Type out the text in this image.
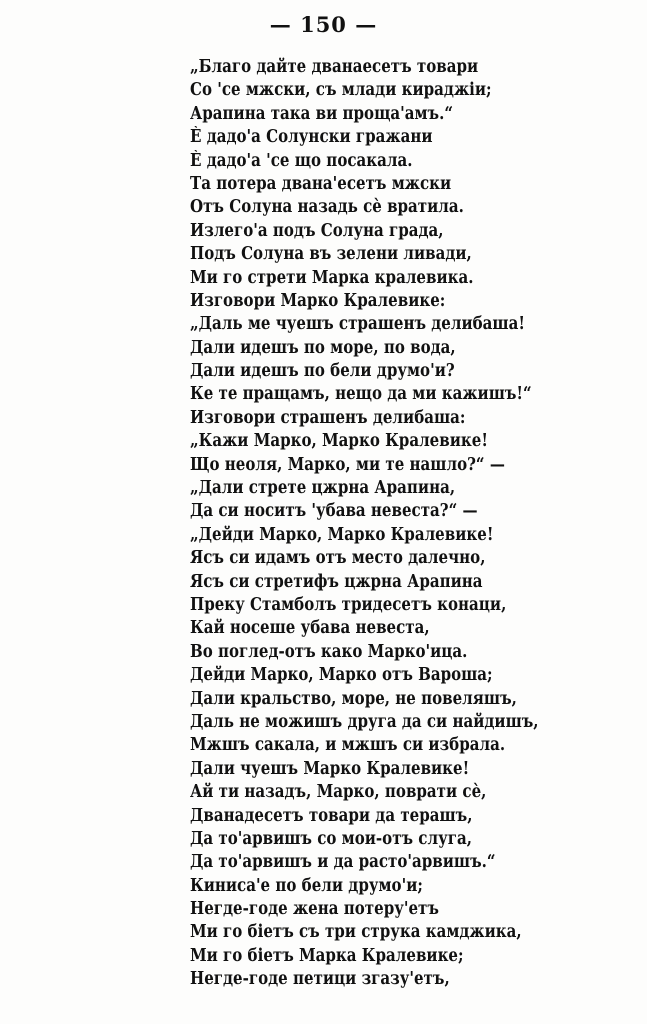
— 150 —
„Благо дайте дванаесетъ товари
Со 'се мжски, съ млади кираджіи;
Арапина така ви проща'амъ.“
Ѐ дадо'а Солунски гражани
Ѐ дадо'а 'се що посакала.
Та потера двана'есетъ мжски
Отъ Солуна назадь сѐ вратила.
Излего'а подъ Солуна града,
Подъ Солуна въ зелени ливади,
Ми го стрети Марка кралевика.
Изговори Марко Кралевике:
„Даль ме чуешъ страшенъ делибаша!
Дали идешъ по море, по вода,
Дали идешъ по бели друмо'и?
Ке те пращамъ, нещо да ми кажишъ!“
Изговори страшенъ делибаша:
„Кажи Марко, Марко Кралевике!
Що неоля, Марко, ми те нашло?“ —
„Дали стрете цжрна Арапина,
Да си носитъ 'убава невеста?“ —
„Дейди Марко, Марко Кралевике!
Ясъ си идамъ отъ место далечно,
Ясъ си стретифъ цжрна Арапина
Преку Стамболъ тридесетъ конаци,
Кай носеше убава невеста,
Во поглед-отъ како Марко'ица.
Дейди Марко, Марко отъ Вароша;
Дали кральство, море, не повеляшъ,
Даль не можишъ друга да си найдишъ,
Мжшъ сакала, и мжшъ си избрала.
Дали чуешъ Марко Кралевике!
Ай ти назадъ, Марко, поврати сѐ,
Дванадесетъ товари да терашъ,
Да то'арвишъ со мои-отъ слуга,
Да то'арвишъ и да расто'арвишъ.“
Киниса'е по бели друмо'и;
Негде-годе жена потеру'етъ
Ми го біетъ съ три струка камджика,
Ми го біетъ Марка Кралевике;
Негде-годе петици згазу'етъ,
